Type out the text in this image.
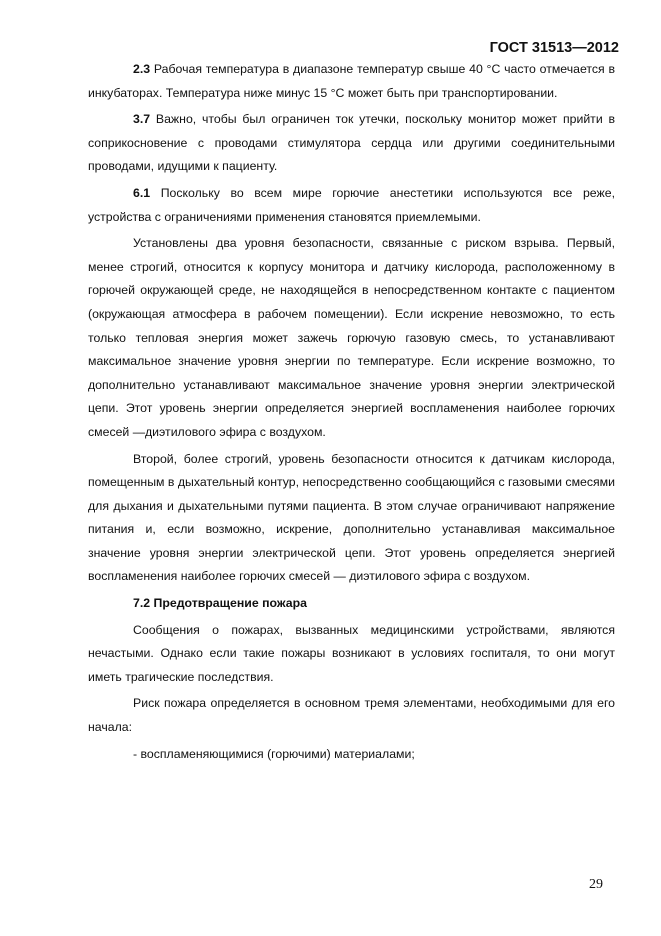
ГОСТ 31513—2012

2.3 Рабочая температура в диапазоне температур свыше 40 °C часто отмечается в инкубаторах. Температура ниже минус 15 °C может быть при транспортировании.

3.7 Важно, чтобы был ограничен ток утечки, поскольку монитор может прийти в соприкосновение с проводами стимулятора сердца или другими соединительными проводами, идущими к пациенту.

6.1 Поскольку во всем мире горючие анестетики используются все реже, устройства с ограничениями применения становятся приемлемыми.

Установлены два уровня безопасности, связанные с риском взрыва. Первый, менее строгий, относится к корпусу монитора и датчику кислорода, расположенному в горючей окружающей среде, не находящейся в непосредственном контакте с пациентом (окружающая атмосфера в рабочем помещении). Если искрение невозможно, то есть только тепловая энергия может зажечь горючую газовую смесь, то устанавливают максимальное значение уровня энергии по температуре. Если искрение возможно, то дополнительно устанавливают максимальное значение уровня энергии электрической цепи. Этот уровень энергии определяется энергией воспламенения наиболее горючих смесей —диэтилового эфира с воздухом.

Второй, более строгий, уровень безопасности относится к датчикам кислорода, помещенным в дыхательный контур, непосредственно сообщающийся с газовыми смесями для дыхания и дыхательными путями пациента. В этом случае ограничивают напряжение питания и, если возможно, искрение, дополнительно устанавливая максимальное значение уровня энергии электрической цепи. Этот уровень определяется энергией воспламенения наиболее горючих смесей — диэтилового эфира с воздухом.

7.2 Предотвращение пожара

Сообщения о пожарах, вызванных медицинскими устройствами, являются нечастыми. Однако если такие пожары возникают в условиях госпиталя, то они могут иметь трагические последствия.

Риск пожара определяется в основном тремя элементами, необходимыми для его начала:

- воспламеняющимися (горючими) материалами;

29
